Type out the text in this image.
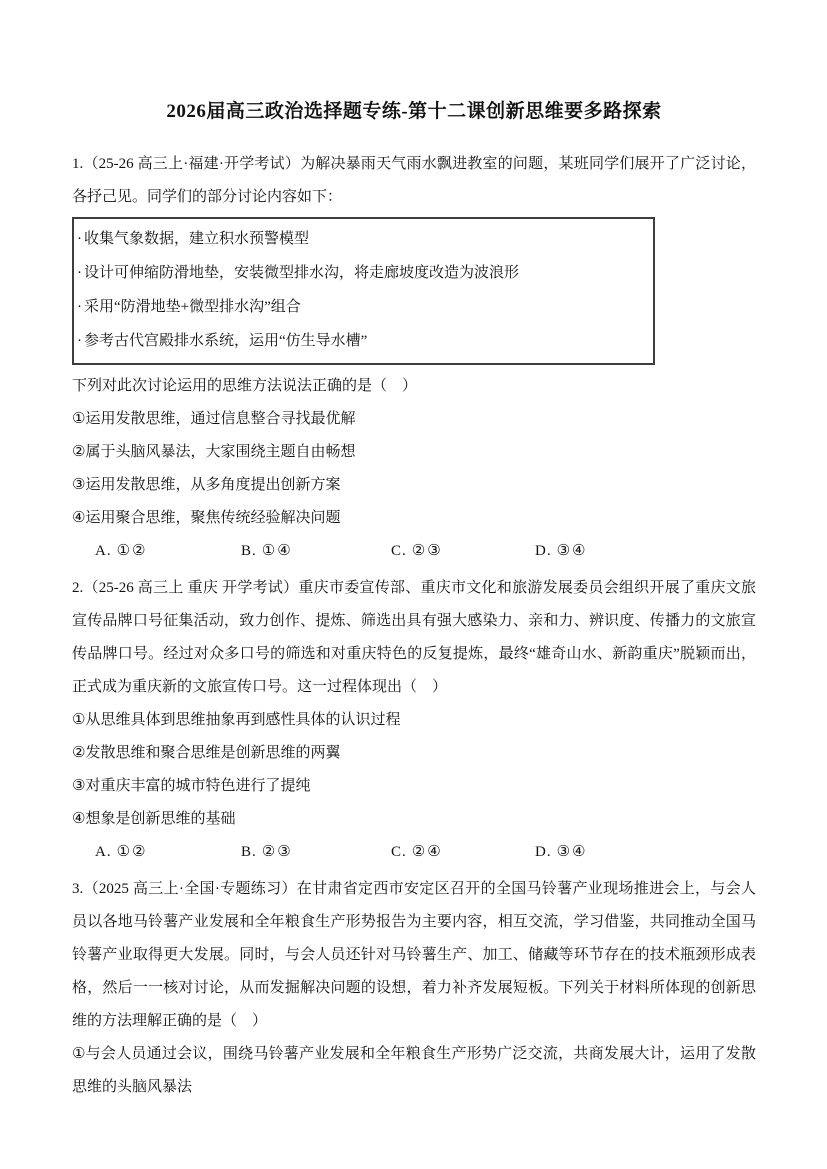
2026届高三政治选择题专练-第十二课创新思维要多路探索

1.（25-26 高三上·福建·开学考试）为解决暴雨天气雨水飘进教室的问题，某班同学们展开了广泛讨论，各抒己见。同学们的部分讨论内容如下：

· 收集气象数据，建立积水预警模型

· 设计可伸缩防滑地垫，安装微型排水沟，将走廊坡度改造为波浪形

· 采用“防滑地垫+微型排水沟”组合

· 参考古代宫殿排水系统，运用“仿生导水槽”

下列对此次讨论运用的思维方法说法正确的是（　）

①运用发散思维，通过信息整合寻找最优解

②属于头脑风暴法，大家围绕主题自由畅想

③运用发散思维，从多角度提出创新方案

④运用聚合思维，聚焦传统经验解决问题

A. ①②	B. ①④	C. ②③	D. ③④

2.（25-26 高三上 重庆 开学考试）重庆市委宣传部、重庆市文化和旅游发展委员会组织开展了重庆文旅宣传品牌口号征集活动，致力创作、提炼、筛选出具有强大感染力、亲和力、辨识度、传播力的文旅宣传品牌口号。经过对众多口号的筛选和对重庆特色的反复提炼，最终“雄奇山水、新韵重庆”脱颖而出，正式成为重庆新的文旅宣传口号。这一过程体现出（　）

①从思维具体到思维抽象再到感性具体的认识过程

②发散思维和聚合思维是创新思维的两翼

③对重庆丰富的城市特色进行了提纯

④想象是创新思维的基础

A. ①②	B. ②③	C. ②④	D. ③④

3.（2025 高三上·全国·专题练习）在甘肃省定西市安定区召开的全国马铃薯产业现场推进会上，与会人员以各地马铃薯产业发展和全年粮食生产形势报告为主要内容，相互交流，学习借鉴，共同推动全国马铃薯产业取得更大发展。同时，与会人员还针对马铃薯生产、加工、储藏等环节存在的技术瓶颈形成表格，然后一一核对讨论，从而发掘解决问题的设想，着力补齐发展短板。下列关于材料所体现的创新思维的方法理解正确的是（　）

①与会人员通过会议，围绕马铃薯产业发展和全年粮食生产形势广泛交流，共商发展大计，运用了发散思维的头脑风暴法
